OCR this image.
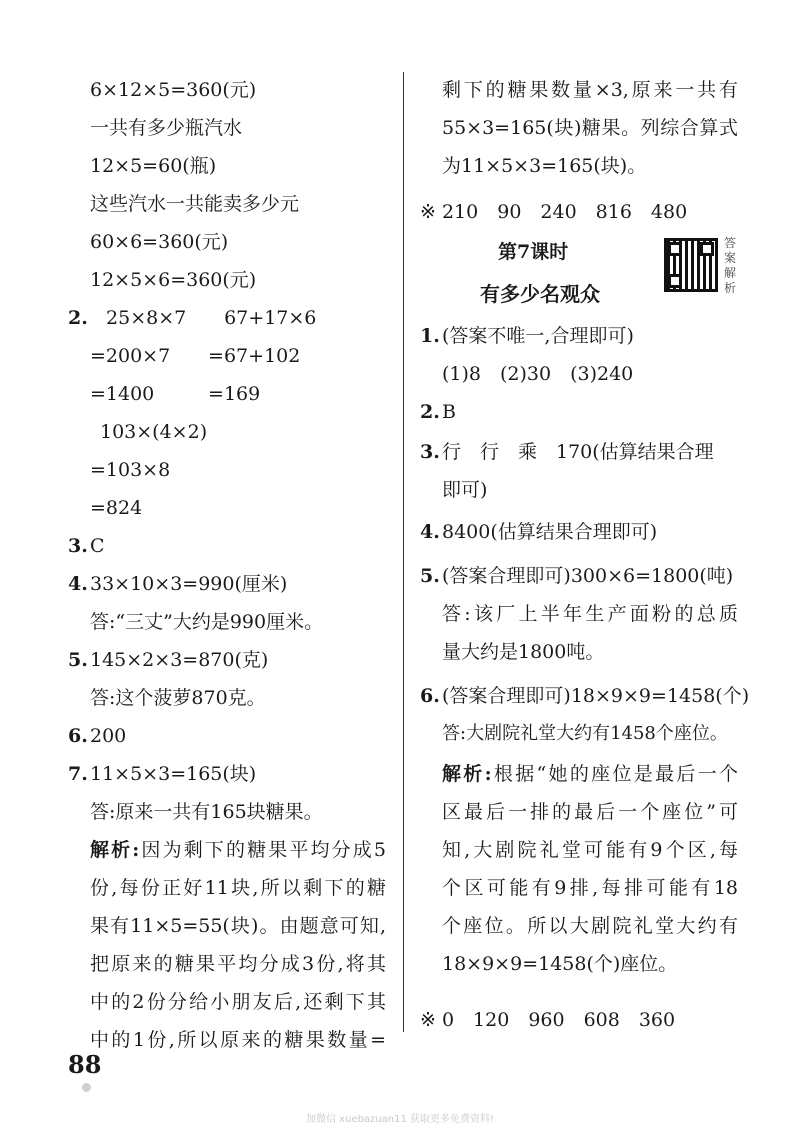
6×12×5=360(元)
一共有多少瓶汽水
12×5=60(瓶)
这些汽水一共能卖多少元
60×6=360(元)
12×5×6=360(元)
2. 25×8×7 67+17×6
=200×7 =67+102
=1400	=169
103×(4×2)
=103×8
=824
3. C
4. 33×10×3=990(厘米)
答:“三丈”大约是990厘米。
5. 145×2×3=870(克)
答:这个菠萝870克。
6. 200
7. 11×5×3=165(块)
答:原来一共有165块糖果。
解析:因为剩下的糖果平均分成5
份,每份正好11块,所以剩下的糖
果有11×5=55(块)。由题意可知,
把原来的糖果平均分成3份,将其
中的2份分给小朋友后,还剩下其
中的1份,所以原来的糖果数量=
剩下的糖果数量×3,原来一共有
55×3=165(块)糖果。列综合算式
为11×5×3=165(块)。
※ 210　90　240　816　480
第7课时
有多少名观众
1. (答案不唯一,合理即可)
(1)8　(2)30　(3)240
2. B
3. 行　行　乘　170(估算结果合理
即可)
4. 8400(估算结果合理即可)
5. (答案合理即可)300×6=1800(吨)
答:该厂上半年生产面粉的总质
量大约是1800吨。
6. (答案合理即可)18×9×9=1458(个)
答:大剧院礼堂大约有1458个座位。
解析:根据“她的座位是最后一个
区最后一排的最后一个座位”可
知,大剧院礼堂可能有9个区,每
个区可能有9排,每排可能有18
个座位。所以大剧院礼堂大约有
18×9×9=1458(个)座位。
※ 0　120　960　608　360
答案解析
88
加微信 xuebazuan11 获取更多免费资料!
